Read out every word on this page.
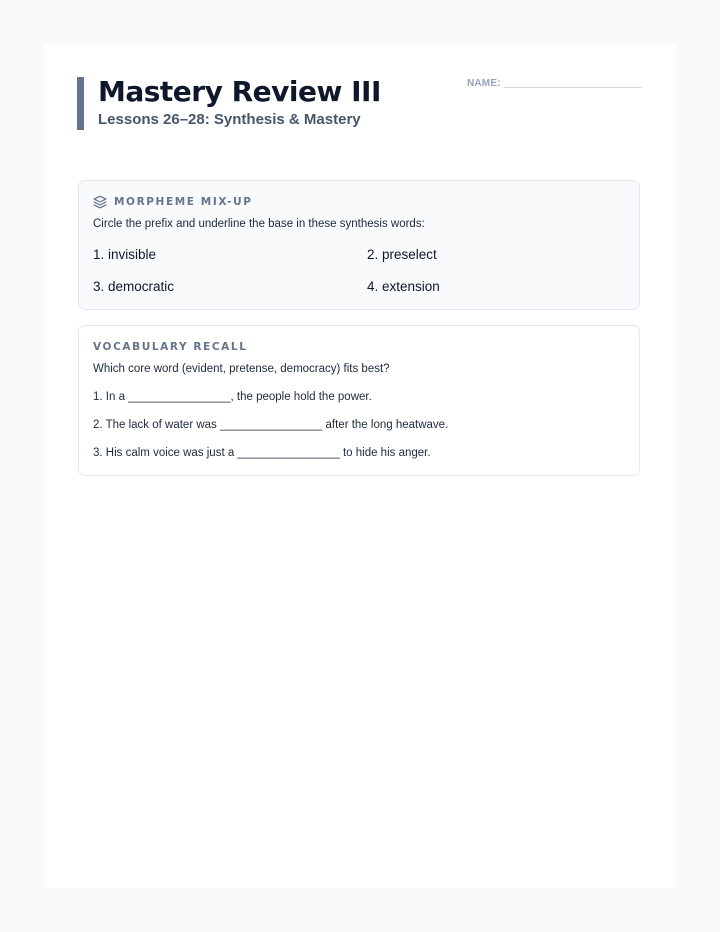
Mastery Review III
Lessons 26–28: Synthesis & Mastery
NAME: ________________________
MORPHEME MIX-UP
Circle the prefix and underline the base in these synthesis words:
1. invisible	2. preselect
3. democratic	4. extension
VOCABULARY RECALL
Which core word (evident, pretense, democracy) fits best?
1. In a ________________, the people hold the power.
2. The lack of water was ________________ after the long heatwave.
3. His calm voice was just a ________________ to hide his anger.
